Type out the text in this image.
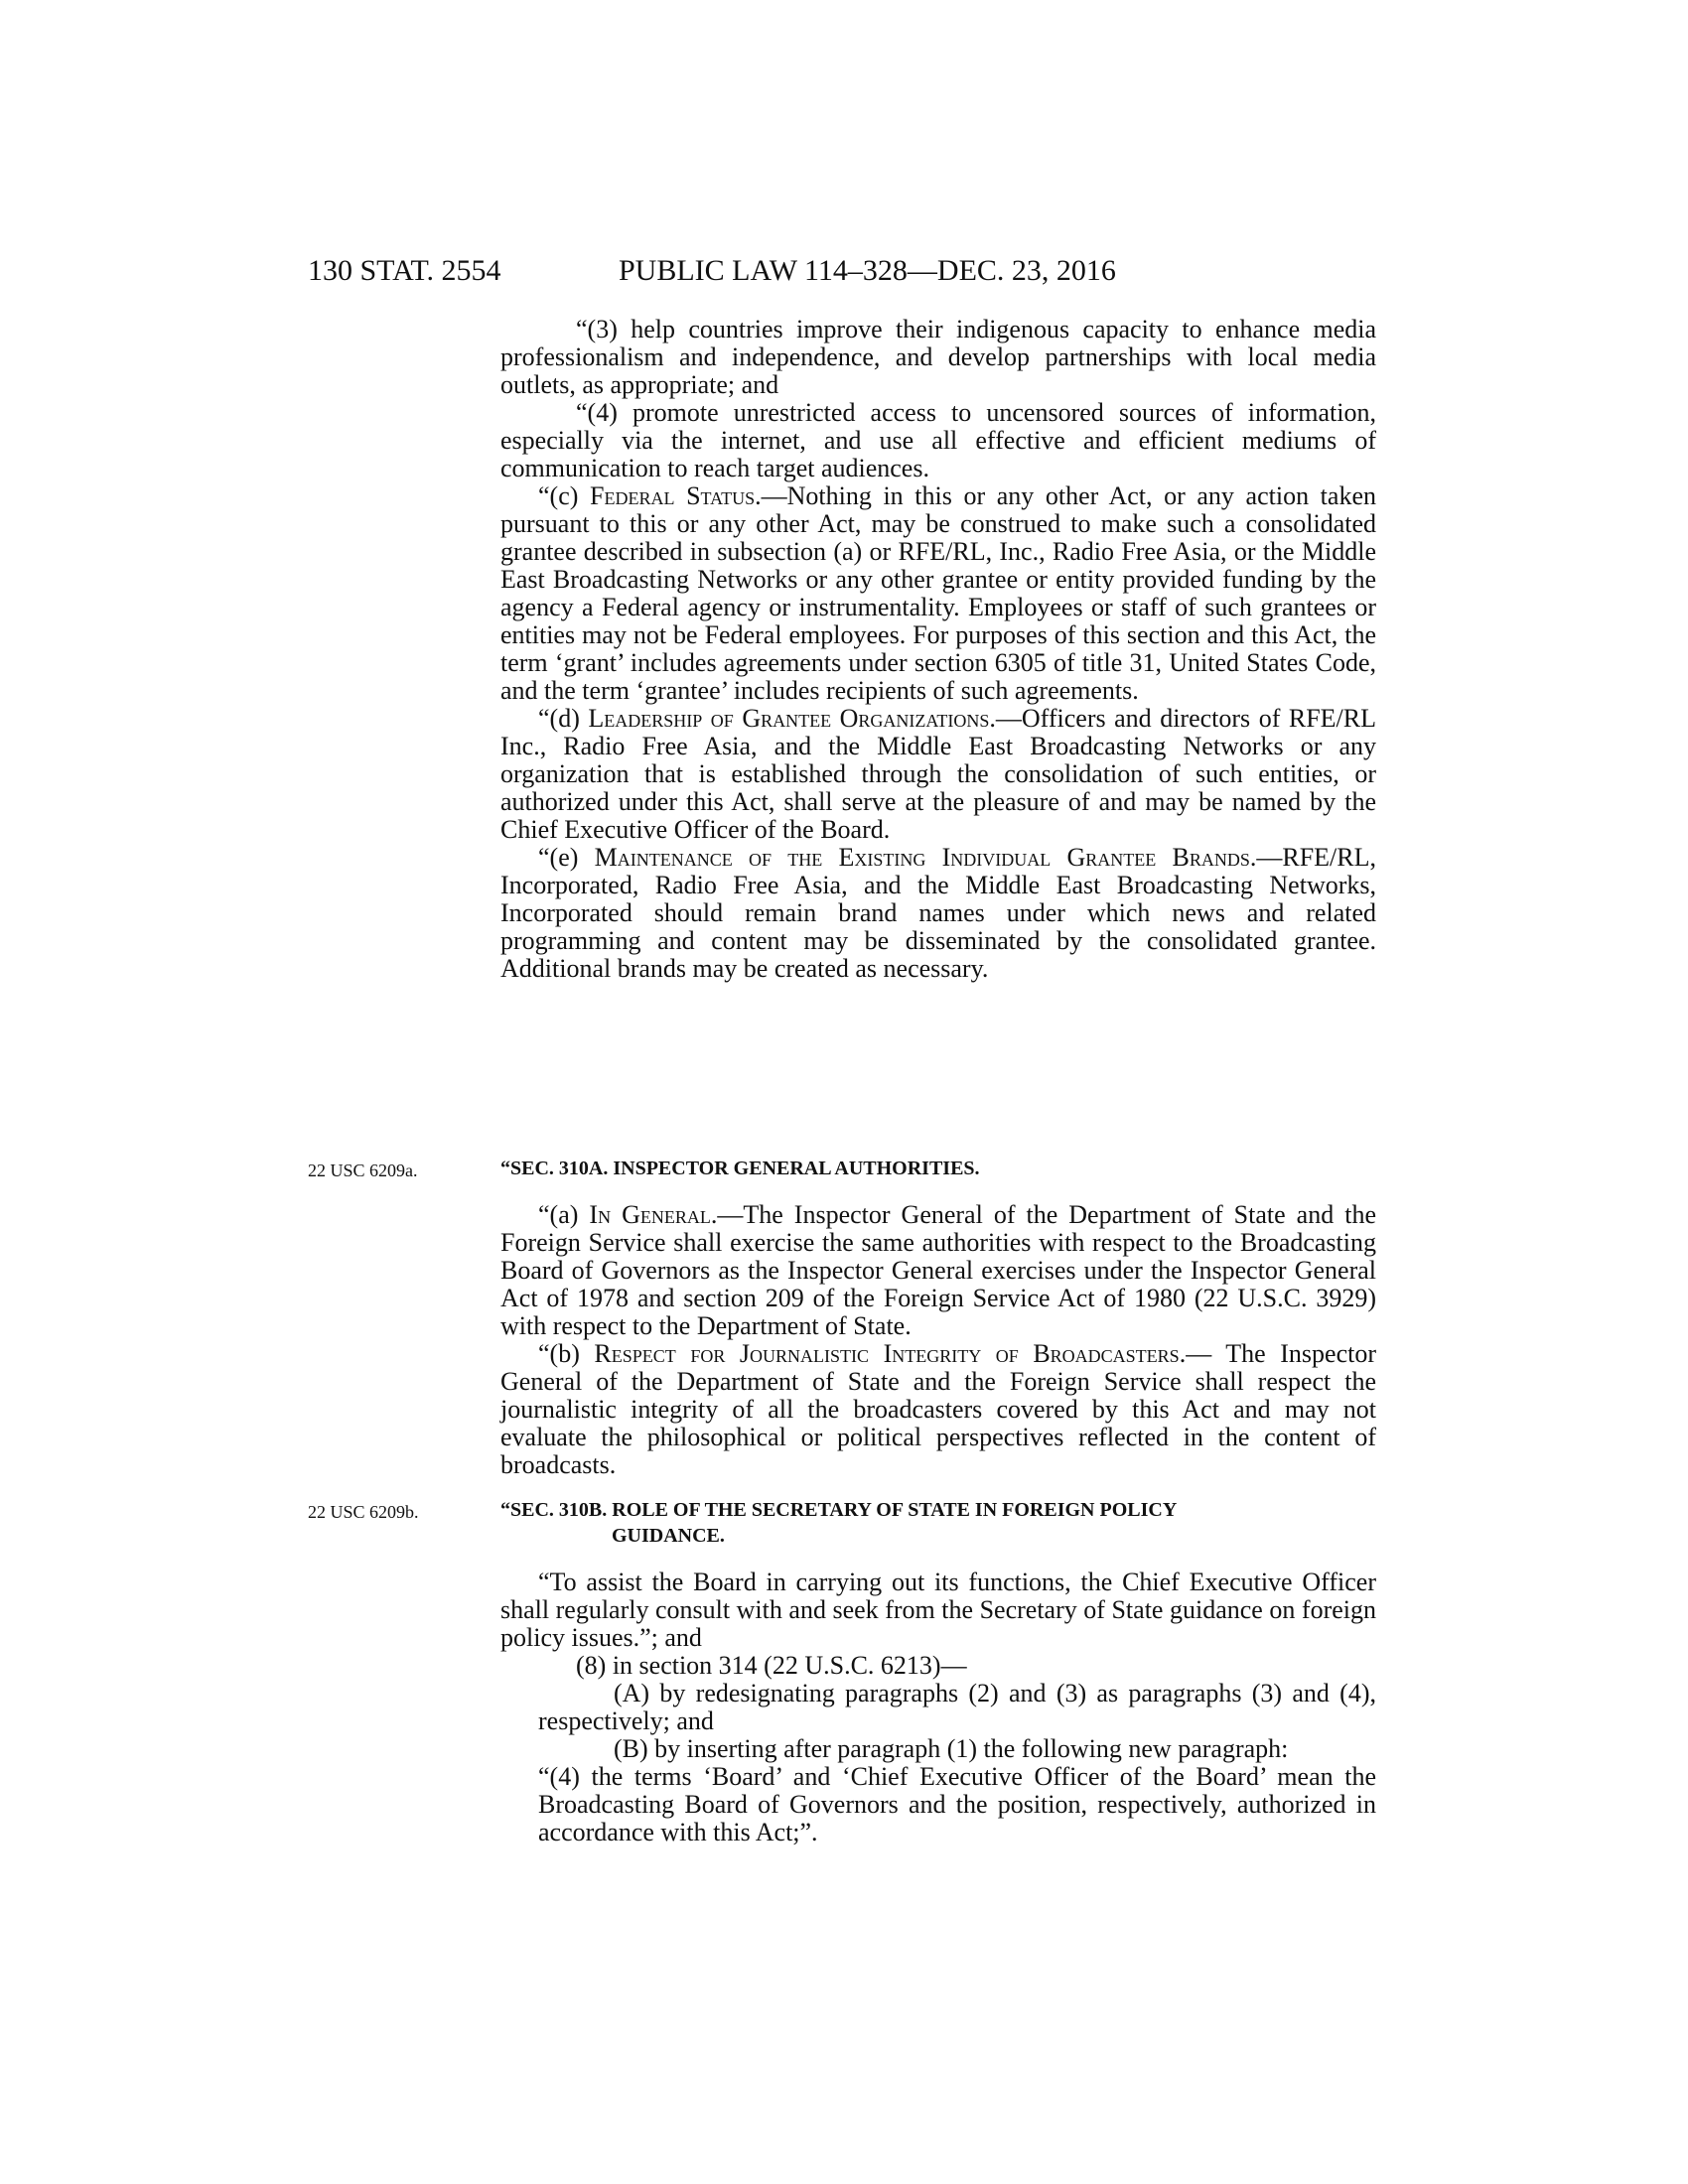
130 STAT. 2554	PUBLIC LAW 114–328—DEC. 23, 2016

“(3) help countries improve their indigenous capacity to enhance media professionalism and independence, and develop partnerships with local media outlets, as appropriate; and

“(4) promote unrestricted access to uncensored sources of information, especially via the internet, and use all effective and efficient mediums of communication to reach target audiences.

“(c) Federal Status.—Nothing in this or any other Act, or any action taken pursuant to this or any other Act, may be construed to make such a consolidated grantee described in subsection (a) or RFE/RL, Inc., Radio Free Asia, or the Middle East Broadcasting Networks or any other grantee or entity provided funding by the agency a Federal agency or instrumentality. Employees or staff of such grantees or entities may not be Federal employees. For purposes of this section and this Act, the term ‘grant’ includes agreements under section 6305 of title 31, United States Code, and the term ‘grantee’ includes recipients of such agreements.

“(d) Leadership of Grantee Organizations.—Officers and directors of RFE/RL Inc., Radio Free Asia, and the Middle East Broadcasting Networks or any organization that is established through the consolidation of such entities, or authorized under this Act, shall serve at the pleasure of and may be named by the Chief Executive Officer of the Board.

“(e) Maintenance of the Existing Individual Grantee Brands.—RFE/RL, Incorporated, Radio Free Asia, and the Middle East Broadcasting Networks, Incorporated should remain brand names under which news and related programming and content may be disseminated by the consolidated grantee. Additional brands may be created as necessary.

22 USC 6209a.	“SEC. 310A. INSPECTOR GENERAL AUTHORITIES.

“(a) In General.—The Inspector General of the Department of State and the Foreign Service shall exercise the same authorities with respect to the Broadcasting Board of Governors as the Inspector General exercises under the Inspector General Act of 1978 and section 209 of the Foreign Service Act of 1980 (22 U.S.C. 3929) with respect to the Department of State.

“(b) Respect for Journalistic Integrity of Broadcasters.— The Inspector General of the Department of State and the Foreign Service shall respect the journalistic integrity of all the broadcasters covered by this Act and may not evaluate the philosophical or political perspectives reflected in the content of broadcasts.

22 USC 6209b.	“SEC. 310B. ROLE OF THE SECRETARY OF STATE IN FOREIGN POLICY

GUIDANCE.

“To assist the Board in carrying out its functions, the Chief Executive Officer shall regularly consult with and seek from the Secretary of State guidance on foreign policy issues.”; and

(8) in section 314 (22 U.S.C. 6213)—

(A) by redesignating paragraphs (2) and (3) as paragraphs (3) and (4), respectively; and

(B) by inserting after paragraph (1) the following new paragraph:

“(4) the terms ‘Board’ and ‘Chief Executive Officer of the Board’ mean the Broadcasting Board of Governors and the position, respectively, authorized in accordance with this Act;”.
